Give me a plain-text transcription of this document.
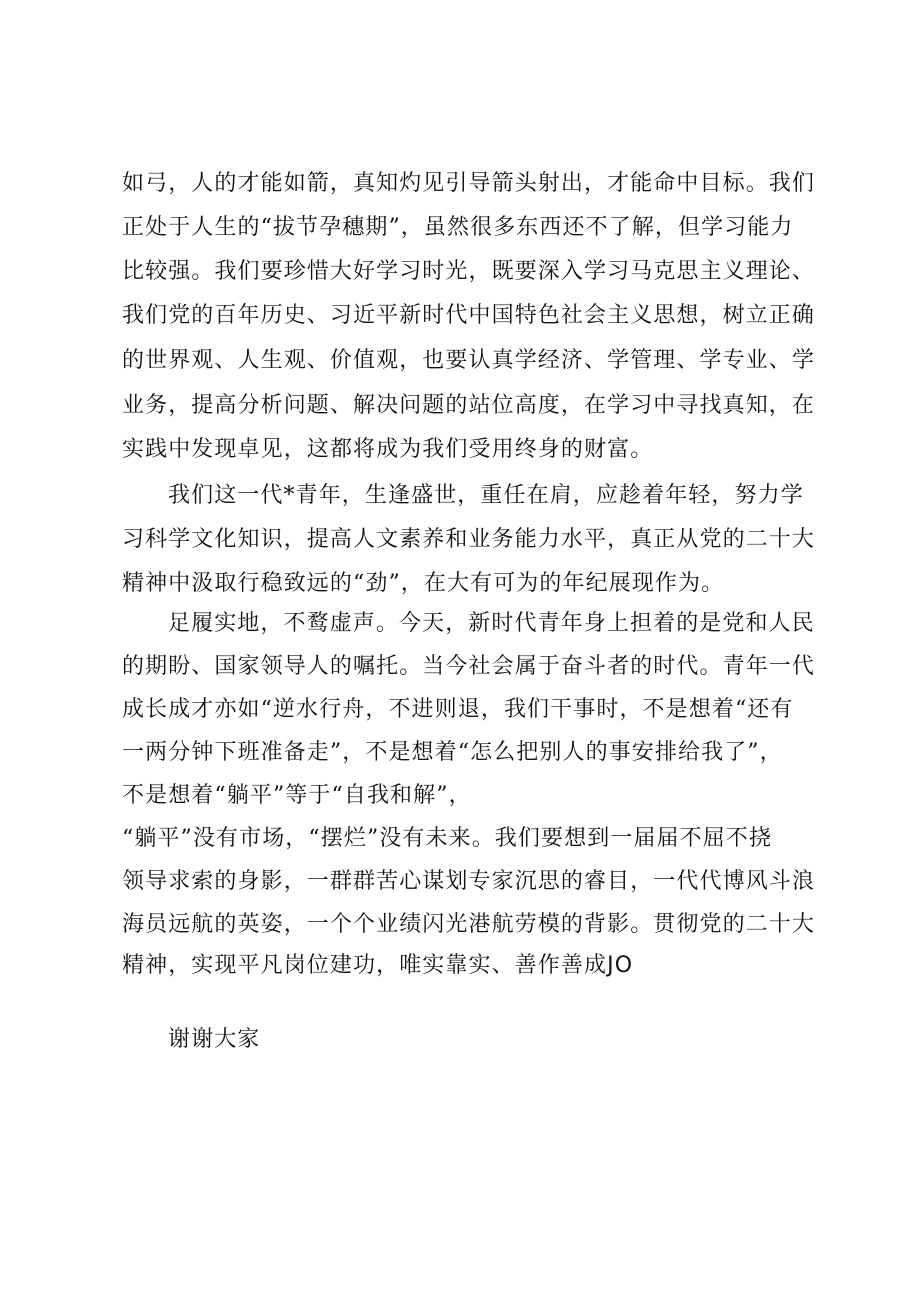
如弓，人的才能如箭，真知灼见引导箭头射出，才能命中目标。我们
正处于人生的“拔节孕穗期”，虽然很多东西还不了解，但学习能力
比较强。我们要珍惜大好学习时光，既要深入学习马克思主义理论、
我们党的百年历史、习近平新时代中国特色社会主义思想，树立正确
的世界观、人生观、价值观，也要认真学经济、学管理、学专业、学
业务，提高分析问题、解决问题的站位高度，在学习中寻找真知，在
实践中发现卓见，这都将成为我们受用终身的财富。
我们这一代*青年，生逢盛世，重任在肩，应趁着年轻，努力学
习科学文化知识，提高人文素养和业务能力水平，真正从党的二十大
精神中汲取行稳致远的“劲”，在大有可为的年纪展现作为。
足履实地，不鹜虚声。今天，新时代青年身上担着的是党和人民
的期盼、国家领导人的嘱托。当今社会属于奋斗者的时代。青年一代
成长成才亦如“逆水行舟，不进则退，我们干事时，不是想着“还有
一两分钟下班准备走”，不是想着“怎么把别人的事安排给我了”，
不是想着“躺平”等于“自我和解”，
“躺平”没有市场，“摆烂”没有未来。我们要想到一届届不屈不挠
领导求索的身影，一群群苦心谋划专家沉思的睿目，一代代博风斗浪
海员远航的英姿，一个个业绩闪光港航劳模的背影。贯彻党的二十大
精神，实现平凡岗位建功，唯实靠实、善作善成JO
谢谢大家
